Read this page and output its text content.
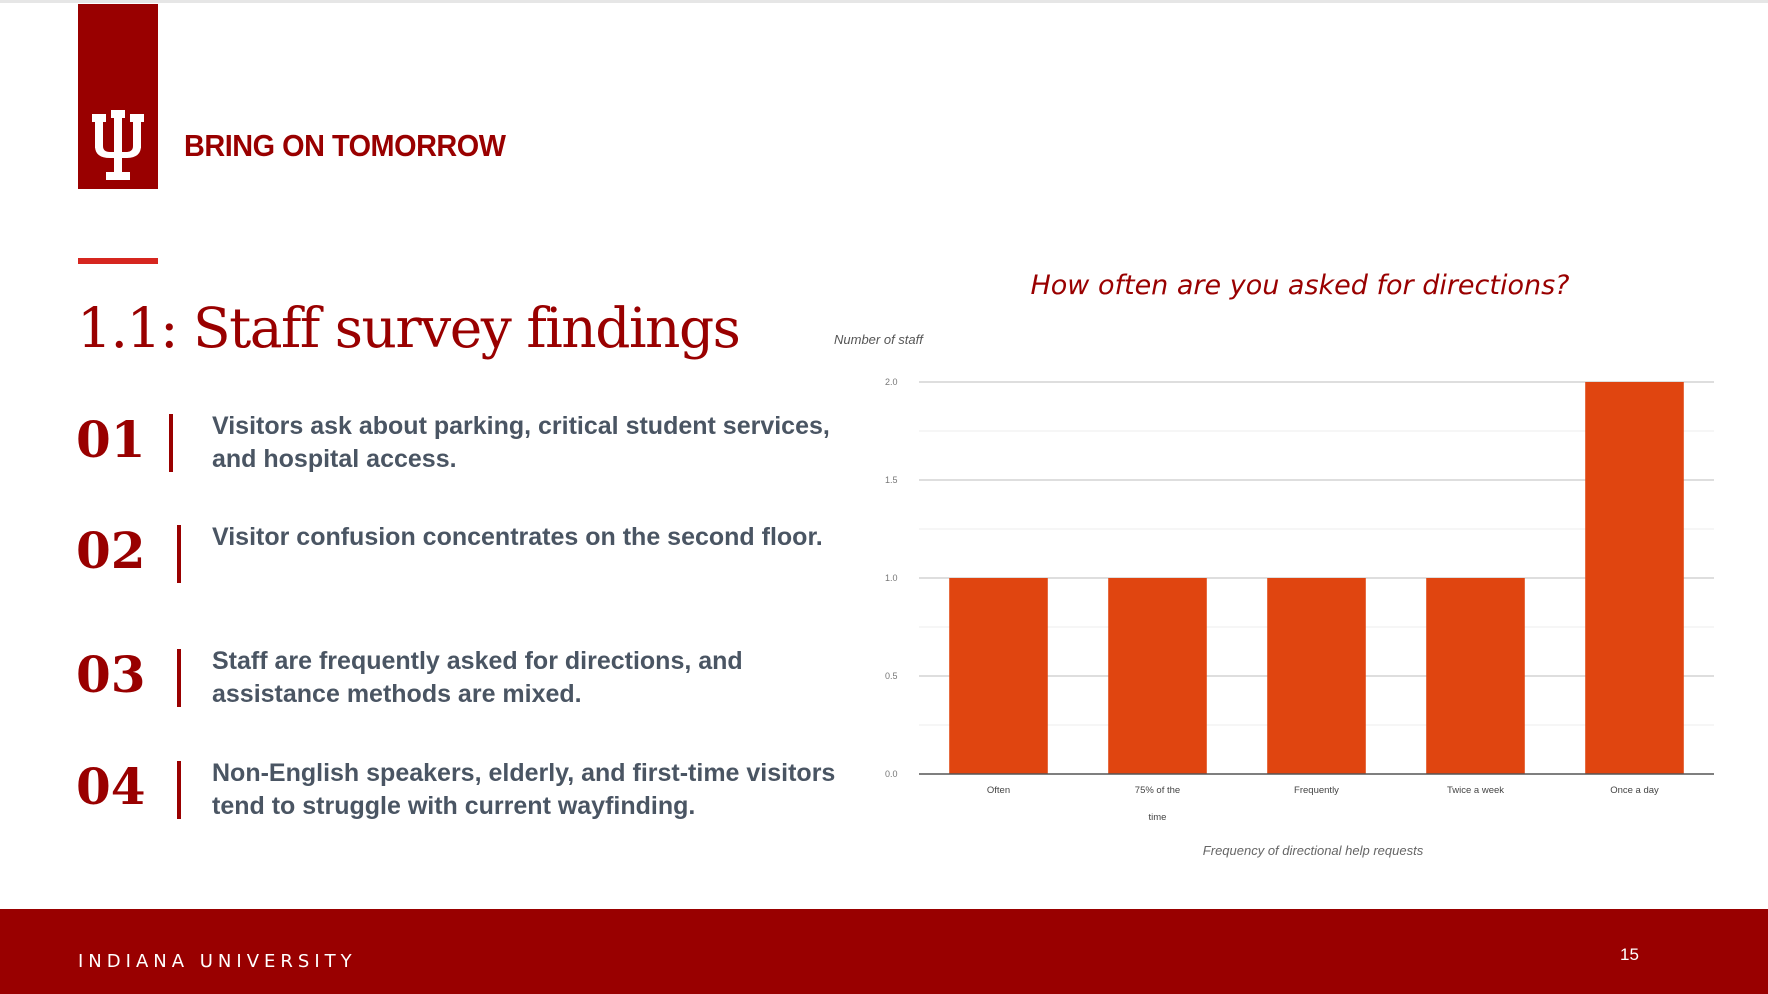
BRING ON TOMORROW
1.1: Staff survey findings
01	Visitors ask about parking, critical student services, and hospital access.
02	Visitor confusion concentrates on the second floor.
03	Staff are frequently asked for directions, and assistance methods are mixed.
04	Non-English speakers, elderly, and first-time visitors tend to struggle with current wayfinding.
How often are you asked for directions?
0.0
0.5
1.0
1.5
2.0
Often	75% of the time
Frequently	Twice a week	Once a day
Number of staff
Frequency of directional help requests
INDIANA UNIVERSITY	15
